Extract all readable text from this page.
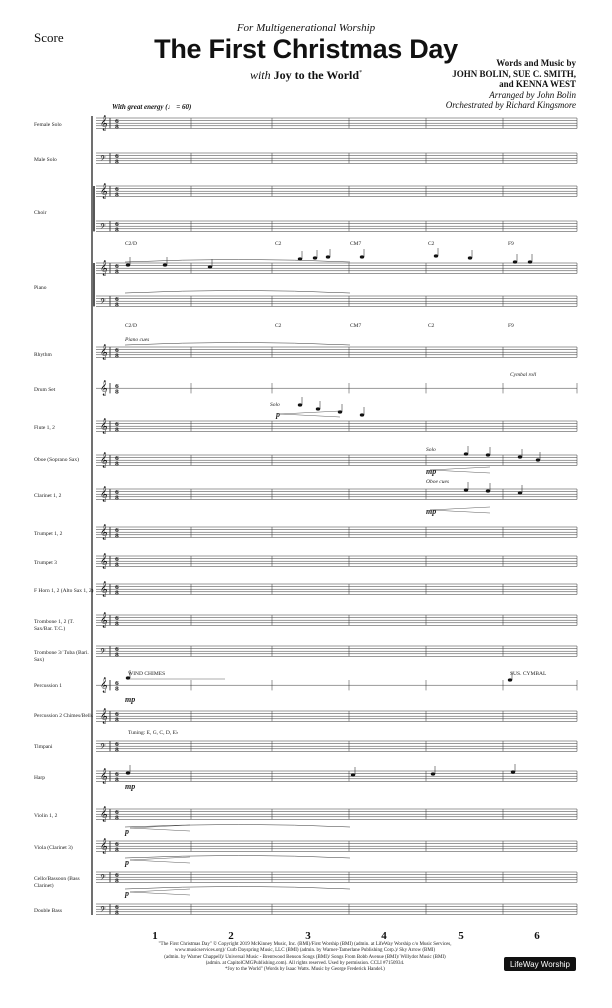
Score
For Multigenerational Worship
The First Christmas Day
with Joy to the World*
Words and Music by
JOHN BOLIN, SUE C. SMITH,
and KENNA WEST
Arranged by John Bolin
Orchestrated by Richard Kingsmore
With great energy (♩ = 60)
𝄞 6
8
𝄢 6
8
𝄞 6
8
𝄢 6
8
𝄞 6
8
𝄢 6
8
𝄞 6
8
𝄞 6
8
𝄞 6
8
𝄞 6
8
𝄞 6
8
𝄞 6
8
𝄞 6
8
𝄞 6
8
𝄞 6
8
𝄢 6
8
𝄞 6
8
𝄞 6
8
𝄢 6
8
𝄞 6
8
𝄞 6
8
𝄞 6
8
𝄢 6
8
𝄢 6
8
Female Solo
Male Solo
Choir
Piano
Rhythm
Drum Set
Flute 1, 2
Oboe (Soprano Sax)
Clarinet 1, 2
Trumpet 1, 2
Trumpet 3
F Horn 1, 2 (Alto Sax 1, 2)
Trombone 1, 2 (T. Sax/Bar. T.C.)
Trombone 3/ Tuba (Bari. Sax)
Percussion 1
Percussion 2 Chimes/Bells
Timpani
Harp
Violin 1, 2
Viola (Clarinet 3)
Cello/Bassoon (Bass Clarinet)
Double Bass
WIND CHIMES	SUS. CYMBAL
Cymbal roll
Tuning: E, G, C, D, E♭
Solo
Solo
Oboe cues
Piano cues
mp
mp
mp
mp
p
p
p
p
C2/D	C2	CM7	C2	F9
C2/D	C2	CM7	C2	F9
1	2	3	4	5	6
"The First Christmas Day" © Copyright 2019 McKinney Music, Inc. (BMI)/First Worship (BMI) (admin. at LifeWay Worship c/o Music Services,
www.musicservices.org)/ Curb Dayspring Music, LLC (BMI) (admin. by Warner-Tamerlane Publishing Corp.)/ Sky Arrow (BMI)
(admin. by Warner Chappell)/ Universal Music - Brentwood Benson Songs (BMI)/ Songs From Bobb Avenue (BMI)/ Willydot Music (BMI)
(admin. at CapitolCMGPublishing.com). All rights reserved. Used by permission. CCLI #7150934.
*Joy to the World" (Words by Isaac Watts. Music by George Frederick Handel.)
LifeWay Worship
